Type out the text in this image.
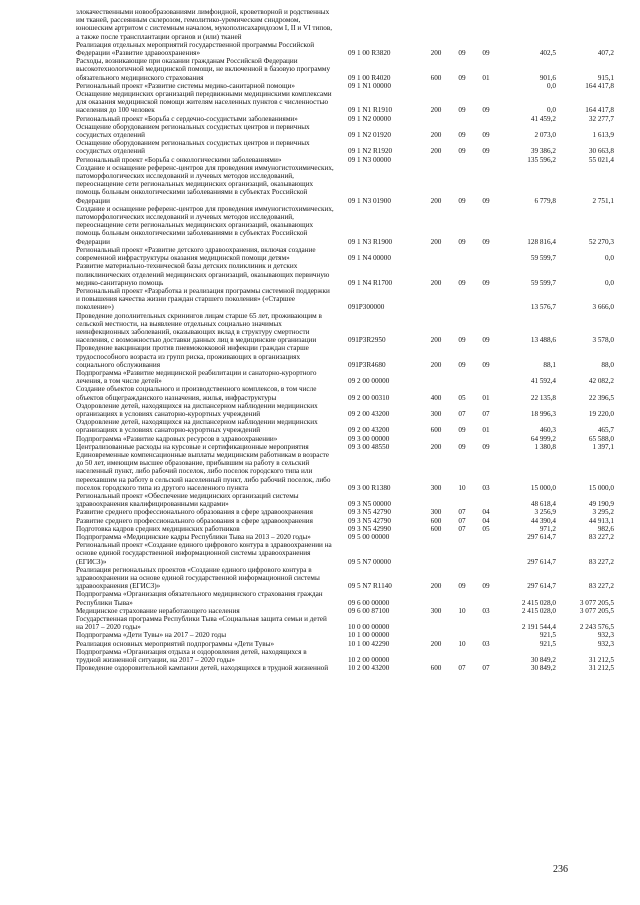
злокачественными новообразованиями лимфоидной, кроветворной и родственных
им тканей, рассеянным склерозом, гемолитико-уремическим синдромом,
юношеским артритом с системным началом, мукополисахаридозом I, II и VI типов,
а также после трансплантации органов и (или) тканей
Реализация отдельных мероприятий государственной программы Российской
Федерации «Развитие здравоохранения»	09 1 00 R3820	200	09	09	402,5	407,2
Расходы, возникающие при оказании гражданам Российской Федерации
высокотехнологичной медицинской помощи, не включенной в базовую программу
обязательного медицинского страхования	09 1 00 R4020	600	09	01	901,6	915,1
Региональный проект «Развитие системы медико-санитарной помощи»	09 1 N1 00000	0,0	164 417,8
Оснащение медицинских организаций передвижными медицинскими комплексами
для оказания медицинской помощи жителям населенных пунктов с численностью
населения до 100 человек	09 1 N1 R1910	200	09	09	0,0	164 417,8
Региональный проект «Борьба с сердечно-сосудистыми заболеваниями»	09 1 N2 00000	41 459,2	32 277,7
Оснащение оборудованием региональных сосудистых центров и первичных
сосудистых отделений	09 1 N2 01920	200	09	09	2 073,0	1 613,9
Оснащение оборудованием региональных сосудистых центров и первичных
сосудистых отделений	09 1 N2 R1920	200	09	09	39 386,2	30 663,8
Региональный проект «Борьба с онкологическими заболеваниями»	09 1 N3 00000	135 596,2	55 021,4
Создание и оснащение референс-центров для проведения иммуногистохимических,
патоморфологических исследований и лучевых методов исследований,
переоснащение сети региональных медицинских организаций, оказывающих
помощь больным онкологическими заболеваниями в субъектах Российской
Федерации	09 1 N3 01900	200	09	09	6 779,8	2 751,1
Создание и оснащение референс-центров для проведения иммуногистохимических,
патоморфологических исследований и лучевых методов исследований,
переоснащение сети региональных медицинских организаций, оказывающих
помощь больным онкологическими заболеваниями в субъектах Российской
Федерации	09 1 N3 R1900	200	09	09	128 816,4	52 270,3
Региональный проект «Развитие детского здравоохранения, включая создание
современной инфраструктуры оказания медицинской помощи детям»	09 1 N4 00000	59 599,7	0,0
Развитие материально-технической базы детских поликлиник и детских
поликлинических отделений медицинских организаций, оказывающих первичную
медико-санитарную помощь	09 1 N4 R1700	200	09	09	59 599,7	0,0
Региональный проект «Разработка и реализация программы системной поддержки
и повышения качества жизни граждан старшего поколения» («Старшее
поколение»)	091P300000	13 576,7	3 666,0
Проведение дополнительных скринингов лицам старше 65 лет, проживающим в
сельской местности, на выявление отдельных социально значимых
неинфекционных заболеваний, оказывающих вклад в структуру смертности
населения, с возможностью доставки данных лиц в медицинские организации	091P3R2950	200	09	09	13 488,6	3 578,0
Проведение вакцинации против пневмококковой инфекции граждан старше
трудоспособного возраста из групп риска, проживающих в организациях
социального обслуживания	091P3R4680	200	09	09	88,1	88,0
Подпрограмма «Развитие медицинской реабилитации и санаторно-курортного
лечения, в том числе детей»	09 2 00 00000	41 592,4	42 082,2
Создание объектов социального и производственного комплексов, в том числе
объектов общегражданского назначения, жилья, инфраструктуры	09 2 00 00310	400	05	01	22 135,8	22 396,5
Оздоровление детей, находящихся на диспансерном наблюдении медицинских
организациях в условиях санаторно-курортных учреждений	09 2 00 43200	300	07	07	18 996,3	19 220,0
Оздоровление детей, находящихся на диспансерном наблюдении медицинских
организациях в условиях санаторно-курортных учреждений	09 2 00 43200	600	09	01	460,3	465,7
Подпрограмма «Развитие кадровых ресурсов в здравоохранении»	09 3 00 00000	64 999,2	65 588,0
Централизованные расходы на курсовые и сертификационные мероприятия	09 3 00 48550	200	09	09	1 380,8	1 397,1
Единовременные компенсационные выплаты медицинским работникам в возрасте
до 50 лет, имеющим высшее образование, прибывшим на работу в сельский
населенный пункт, либо рабочий поселок, либо поселок городского типа или
переехавшим на работу в сельский населенный пункт, либо рабочий поселок, либо
поселок городского типа из другого населенного пункта	09 3 00 R1380	300	10	03	15 000,0	15 000,0
Региональный проект «Обеспечение медицинских организаций системы
здравоохранения квалифицированными кадрами»	09 3 N5 00000	48 618,4	49 190,9
Развитие среднего профессионального образования в сфере здравоохранения	09 3 N5 42790	300	07	04	3 256,9	3 295,2
Развитие среднего профессионального образования в сфере здравоохранения	09 3 N5 42790	600	07	04	44 390,4	44 913,1
Подготовка кадров средних медицинских работников	09 3 N5 42990	600	07	05	971,2	982,6
Подпрограмма «Медицинские кадры Республики Тыва на 2013 – 2020 годы»	09 5 00 00000	297 614,7	83 227,2
Региональный проект «Создание единого цифрового контура в здравоохранении на
основе единой государственной информационной системы здравоохранения
(ЕГИСЗ)»	09 5 N7 00000	297 614,7	83 227,2
Реализация региональных проектов «Создание единого цифрового контура в
здравоохранении на основе единой государственной информационной системы
здравоохранения (ЕГИСЗ)»	09 5 N7 R1140	200	09	09	297 614,7	83 227,2
Подпрограмма «Организация обязательного медицинского страхования граждан
Республики Тыва»	09 6 00 00000	2 415 028,0	3 077 205,5
Медицинское страхование неработающего населения	09 6 00 87100	300	10	03	2 415 028,0	3 077 205,5
Государственная программа Республики Тыва «Социальная защита семьи и детей
на 2017 – 2020 годы»	10 0 00 00000	2 191 544,4	2 243 576,5
Подпрограмма «Дети Тувы» на 2017 – 2020 годы	10 1 00 00000	921,5	932,3
Реализация основных мероприятий подпрограммы «Дети Тувы»	10 1 00 42290	200	10	03	921,5	932,3
Подпрограмма «Организация отдыха и оздоровления детей, находящихся в
трудной жизненной ситуации, на 2017 – 2020 годы»	10 2 00 00000	30 849,2	31 212,5
Проведение оздоровительной кампании детей, находящихся в трудной жизненной	10 2 00 43200	600	07	07	30 849,2	31 212,5
236
